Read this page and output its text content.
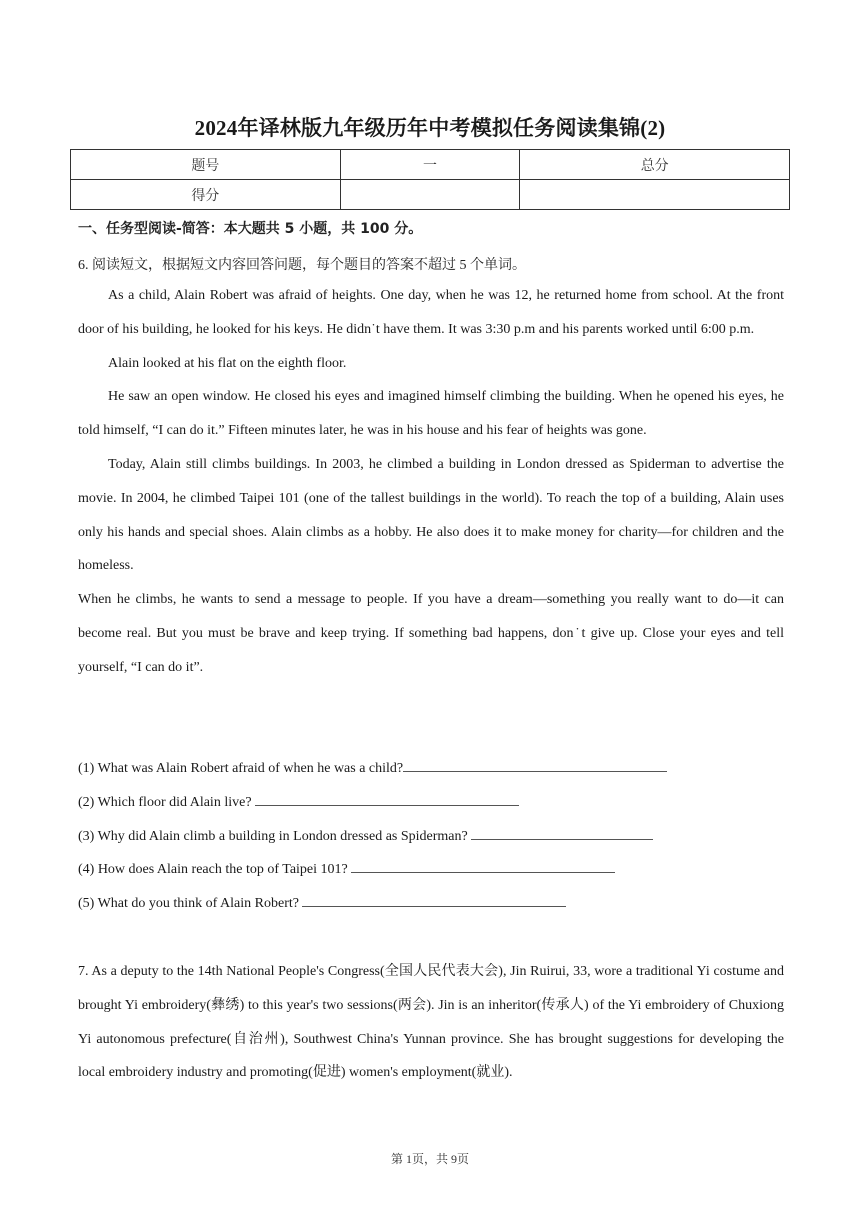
2024年译林版九年级历年中考模拟任务阅读集锦(2)
题号	一	总分
得分		
一、任务型阅读-简答：本大题共 5 小题，共 100 分。
6. 阅读短文，根据短文内容回答问题，每个题目的答案不超过 5 个单词。

As a child, Alain Robert was afraid of heights. One day, when he was 12, he returned home from school. At the front door of his building, he looked for his keys. He didn˙t have them. It was 3:30 p.m and his parents worked until 6:00 p.m.

Alain looked at his flat on the eighth floor.

He saw an open window. He closed his eyes and imagined himself climbing the building. When he opened his eyes, he told himself, “I can do it.” Fifteen minutes later, he was in his house and his fear of heights was gone.

Today, Alain still climbs buildings. In 2003, he climbed a building in London dressed as Spiderman to advertise the movie. In 2004, he climbed Taipei 101 (one of the tallest buildings in the world). To reach the top of a building, Alain uses only his hands and special shoes. Alain climbs as a hobby. He also does it to make money for charity—for children and the homeless.

When he climbs, he wants to send a message to people. If you have a dream—something you really want to do—it can become real. But you must be brave and keep trying. If something bad happens, don˙t give up. Close your eyes and tell yourself, “I can do it”.

(1) What was Alain Robert afraid of when he was a child?
(2) Which floor did Alain live?
(3) Why did Alain climb a building in London dressed as Spiderman?
(4) How does Alain reach the top of Taipei 101?
(5) What do you think of Alain Robert?
7. As a deputy to the 14th National People's Congress(全国人民代表大会), Jin Ruirui, 33, wore a traditional Yi costume and brought Yi embroidery(彝绣) to this year's two sessions(两会). Jin is an inheritor(传承人) of the Yi embroidery of Chuxiong Yi autonomous prefecture(自治州), Southwest China's Yunnan province. She has brought suggestions for developing the local embroidery industry and promoting(促进) women's employment(就业).
第 1页，共 9页
